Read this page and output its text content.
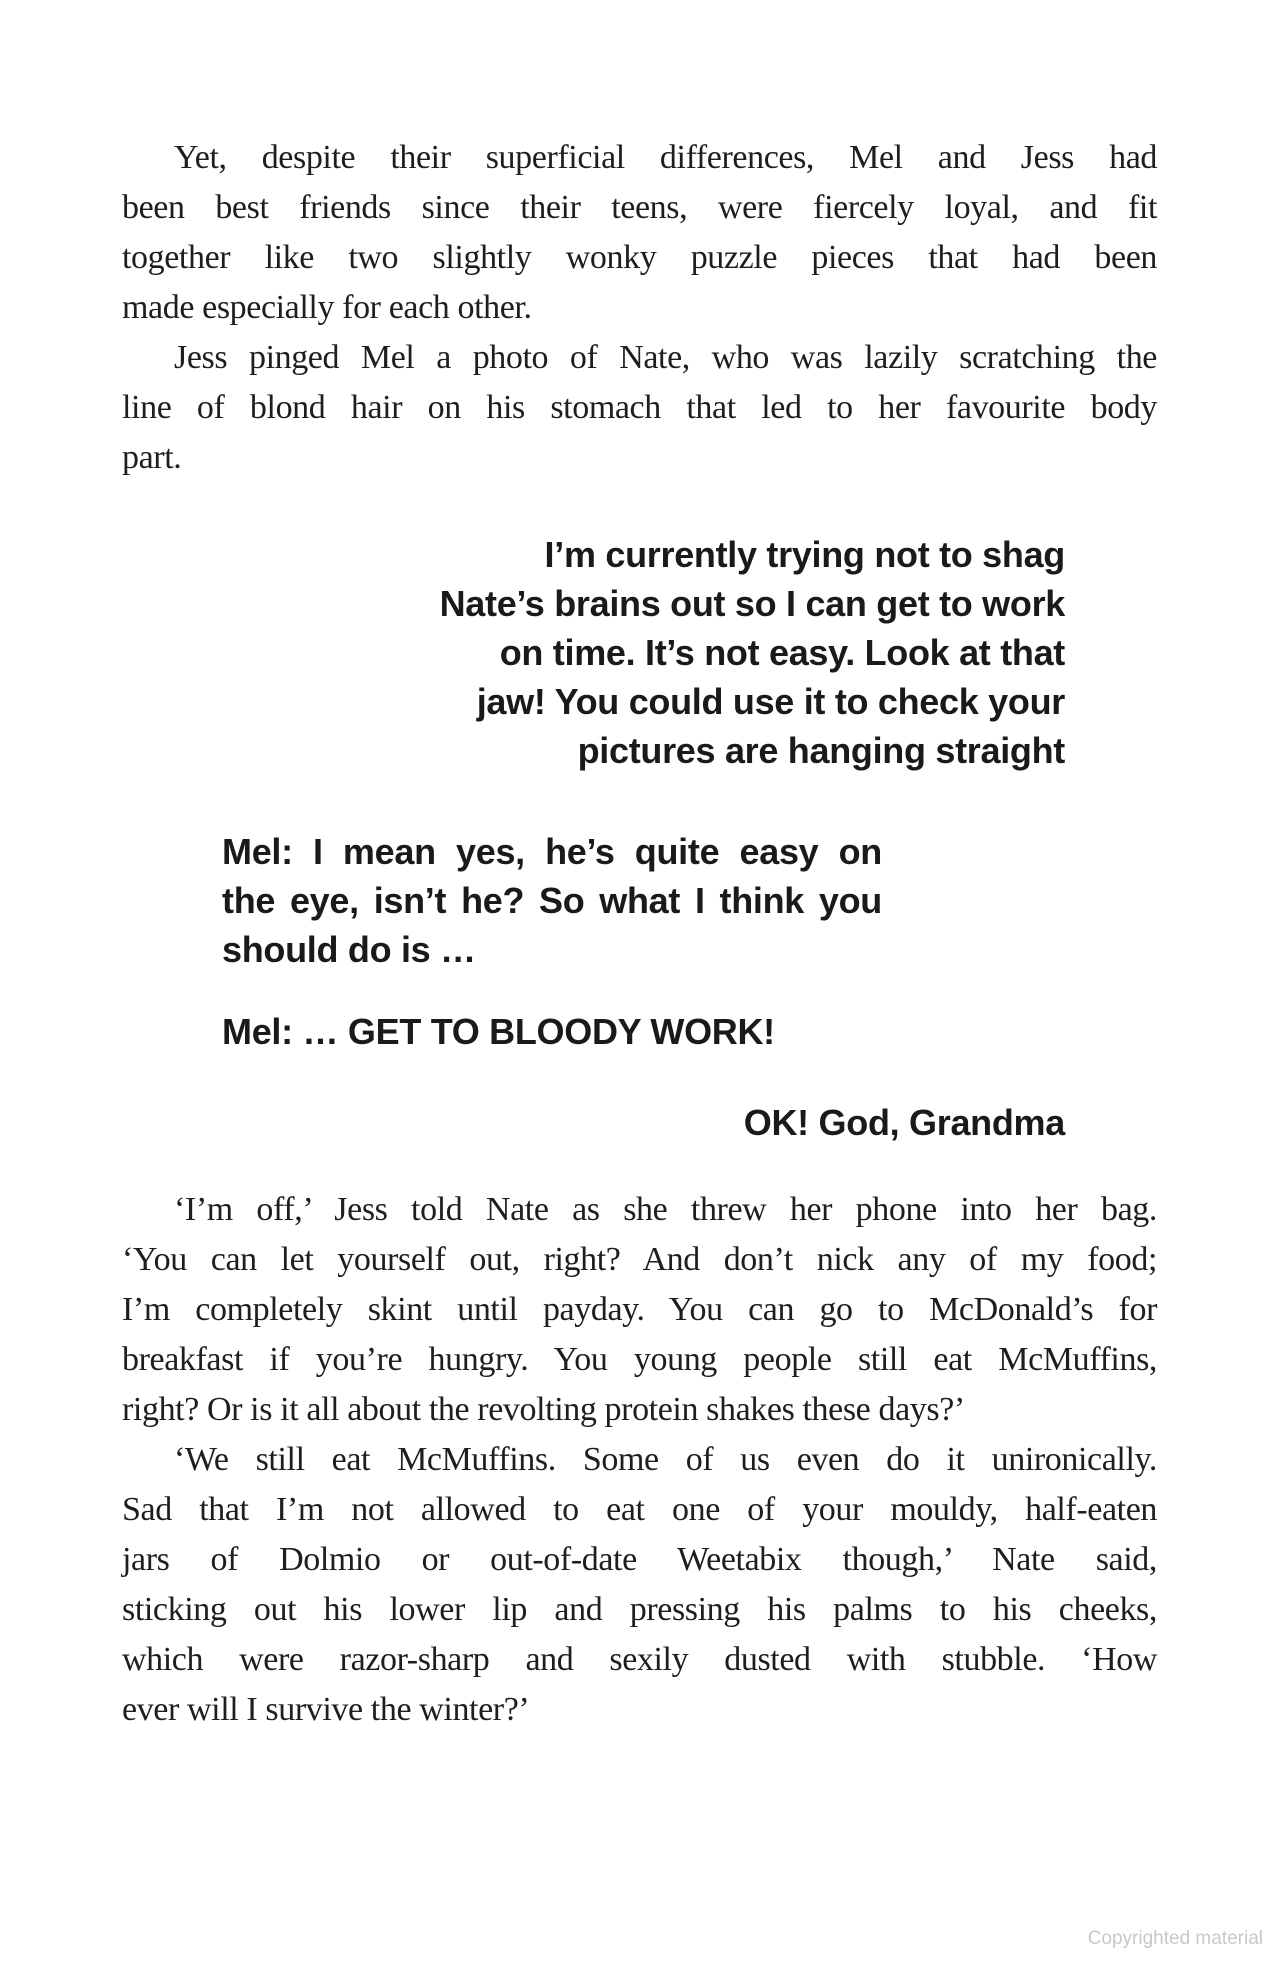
Yet, despite their superficial differences, Mel and Jess had
been best friends since their teens, were fiercely loyal, and fit
together like two slightly wonky puzzle pieces that had been
made especially for each other.

Jess pinged Mel a photo of Nate, who was lazily scratching the
line of blond hair on his stomach that led to her favourite body
part.

I’m currently trying not to shag
Nate’s brains out so I can get to work
on time. It’s not easy. Look at that
jaw! You could use it to check your
pictures are hanging straight
Mel: I mean yes, he’s quite easy on
the eye, isn’t he? So what I think you
should do is …
Mel: … GET TO BLOODY WORK!
OK! God, Grandma

‘I’m off,’ Jess told Nate as she threw her phone into her bag.
‘You can let yourself out, right? And don’t nick any of my food;
I’m completely skint until payday. You can go to McDonald’s for
breakfast if you’re hungry. You young people still eat McMuffins,
right? Or is it all about the revolting protein shakes these days?’

‘We still eat McMuffins. Some of us even do it unironically.
Sad that I’m not allowed to eat one of your mouldy, half-eaten
jars of Dolmio or out-of-date Weetabix though,’ Nate said,
sticking out his lower lip and pressing his palms to his cheeks,
which were razor-sharp and sexily dusted with stubble. ‘How
ever will I survive the winter?’

Copyrighted material
